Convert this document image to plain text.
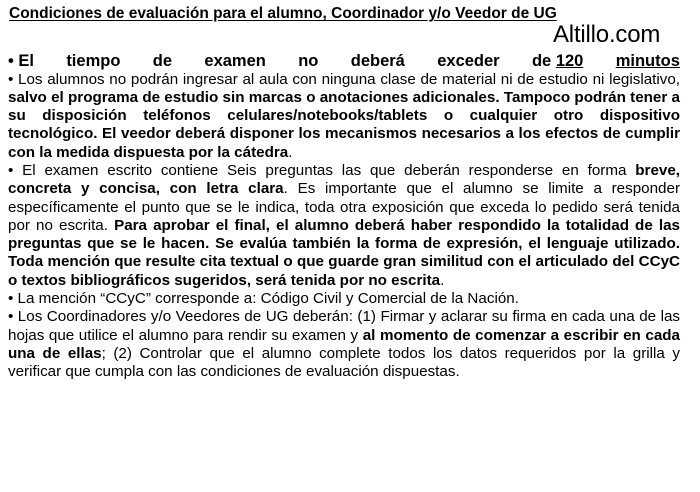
Condiciones de evaluación para el alumno, Coordinador y/o Veedor de UG
Altillo.com
• El tiempo de examen no deberá exceder de 120 minutos

• Los alumnos no podrán ingresar al aula con ninguna clase de material ni de estudio ni legislativo, salvo el programa de estudio sin marcas o anotaciones adicionales. Tampoco podrán tener a su disposición teléfonos celulares/notebooks/tablets o cualquier otro dispositivo tecnológico. El veedor deberá disponer los mecanismos necesarios a los efectos de cumplir con la medida dispuesta por la cátedra.

• El examen escrito contiene Seis preguntas las que deberán responderse en forma breve, concreta y concisa, con letra clara. Es importante que el alumno se limite a responder específicamente el punto que se le indica, toda otra exposición que exceda lo pedido será tenida por no escrita. Para aprobar el final, el alumno deberá haber respondido la totalidad de las preguntas que se le hacen. Se evalúa también la forma de expresión, el lenguaje utilizado. Toda mención que resulte cita textual o que guarde gran similitud con el articulado del CCyC o textos bibliográficos sugeridos, será tenida por no escrita.

• La mención “CCyC” corresponde a: Código Civil y Comercial de la Nación.

• Los Coordinadores y/o Veedores de UG deberán: (1) Firmar y aclarar su firma en cada una de las hojas que utilice el alumno para rendir su examen y al momento de comenzar a escribir en cada una de ellas; (2) Controlar que el alumno complete todos los datos requeridos por la grilla y verificar que cumpla con las condiciones de evaluación dispuestas.
